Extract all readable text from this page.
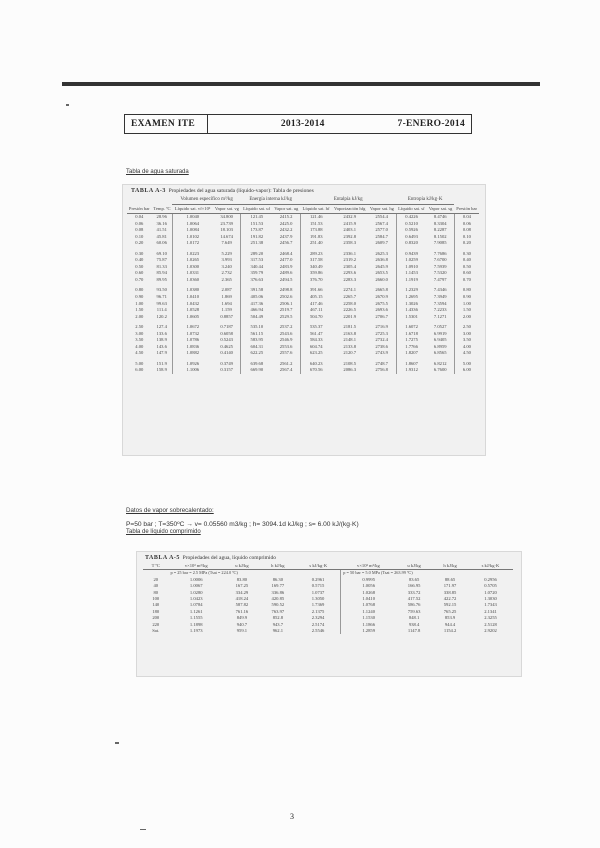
EXAMEN ITE	2013-2014	7-ENERO-2014
Tabla de agua saturada
TABLA A-3 Propiedades del agua saturada (líquido-vapor): Tabla de presiones
		Volumen específico m³/kg		Energía interna kJ/kg		Entalpía kJ/kg			Entropía kJ/kg·K		
Presión bar	Temp. ºC	Líquido sat. vf×10³	Vapor sat. vg	Líquido sat. uf	Vapor sat. ug	Líquido sat. hf	Vaporización hfg	Vapor sat. hg	Líquido sat. sf	Vapor sat. sg	Presión bar
0.04	28.96	1.0040	34.800	121.45	2415.2	121.46	2432.9	2554.4	0.4226	8.4746	0.04
0.06	36.16	1.0064	23.739	151.53	2425.0	151.53	2415.9	2567.4	0.5210	8.3304	0.06
0.08	41.51	1.0084	18.103	173.87	2432.2	173.88	2403.1	2577.0	0.5926	8.2287	0.08
0.10	45.81	1.0102	14.674	191.82	2437.9	191.83	2392.8	2584.7	0.6493	8.1502	0.10
0.20	60.06	1.0172	7.649	251.38	2456.7	251.40	2358.3	2609.7	0.8320	7.9085	0.20
0.30	69.10	1.0223	5.229	289.20	2468.4	289.23	2336.1	2625.3	0.9439	7.7686	0.30
0.40	75.87	1.0265	3.993	317.53	2477.0	317.58	2319.2	2636.8	1.0259	7.6700	0.40
0.50	81.33	1.0300	3.240	340.44	2483.9	340.49	2305.4	2645.9	1.0910	7.5939	0.50
0.60	85.94	1.0331	2.732	359.79	2489.6	359.86	2293.6	2653.5	1.1453	7.5320	0.60
0.70	89.95	1.0360	2.365	376.63	2494.5	376.70	2283.3	2660.0	1.1919	7.4797	0.70
0.80	93.50	1.0380	2.087	391.58	2498.8	391.66	2274.1	2665.8	1.2329	7.4346	0.80
0.90	96.71	1.0410	1.869	405.06	2502.6	405.15	2265.7	2670.9	1.2695	7.3949	0.90
1.00	99.63	1.0432	1.694	417.36	2506.1	417.46	2258.0	2675.5	1.3026	7.3594	1.00
1.50	111.4	1.0528	1.159	466.94	2519.7	467.11	2226.5	2693.6	1.4336	7.2233	1.50
2.00	120.2	1.0605	0.8857	504.49	2529.5	504.70	2201.9	2706.7	1.5301	7.1271	2.00
2.50	127.4	1.0672	0.7187	535.10	2537.2	535.37	2181.5	2716.9	1.6072	7.0527	2.50
3.00	133.6	1.0732	0.6058	561.15	2543.6	561.47	2163.8	2725.3	1.6718	6.9919	3.00
3.50	138.9	1.0786	0.5243	583.95	2546.9	584.33	2148.1	2732.4	1.7275	6.9405	3.50
4.00	143.6	1.0836	0.4625	604.31	2553.6	604.74	2133.8	2738.6	1.7766	6.8959	4.00
4.50	147.9	1.0882	0.4140	622.25	2557.6	623.25	2120.7	2743.9	1.8207	6.8565	4.50
5.00	151.9	1.0926	0.3749	639.68	2561.2	640.23	2108.5	2748.7	1.8607	6.8212	5.00
6.00	158.9	1.1006	0.3157	669.90	2567.4	670.56	2086.3	2756.8	1.9312	6.7600	6.00
Datos de vapor sobrecalentado:
P=50 bar ; T=350ºC → v= 0.05560 m3/kg ; h= 3094.1d kJ/kg ; s= 6.00 kJ/(kg·K)
Tabla de líquido comprimido
TABLA A-5 Propiedades del agua, líquido comprimido
T ºC	v×10³ m³/kg	u kJ/kg	h kJ/kg	s kJ/kg·K	v×10³ m³/kg	u kJ/kg	h kJ/kg	s kJ/kg·K
	p = 25 bar = 2.5 MPa (Tsat = 224.0 ºC)				p = 50 bar = 5.0 MPa (Tsat = 263.99 ºC)			
20	1.0006	83.80	86.30	0.2961	0.9995	83.65	88.65	0.2956
40	1.0067	167.25	169.77	0.5715	1.0056	166.95	171.97	0.5705
80	1.0280	334.29	336.86	1.0737	1.0268	333.72	338.85	1.0720
100	1.0423	418.24	420.85	1.3050	1.0410	417.52	422.72	1.3030
140	1.0784	587.82	590.52	1.7369	1.0768	586.76	592.15	1.7343
180	1.1261	761.16	763.97	2.1375	1.1240	759.63	765.25	2.1341
200	1.1555	849.9	852.8	2.3294	1.1530	848.1	853.9	2.3255
220	1.1898	940.7	943.7	2.5174	1.1866	938.4	944.4	2.5128
Sat.	1.1973	959.1	962.1	2.5546	1.2859	1147.8	1154.2	2.9202
3
